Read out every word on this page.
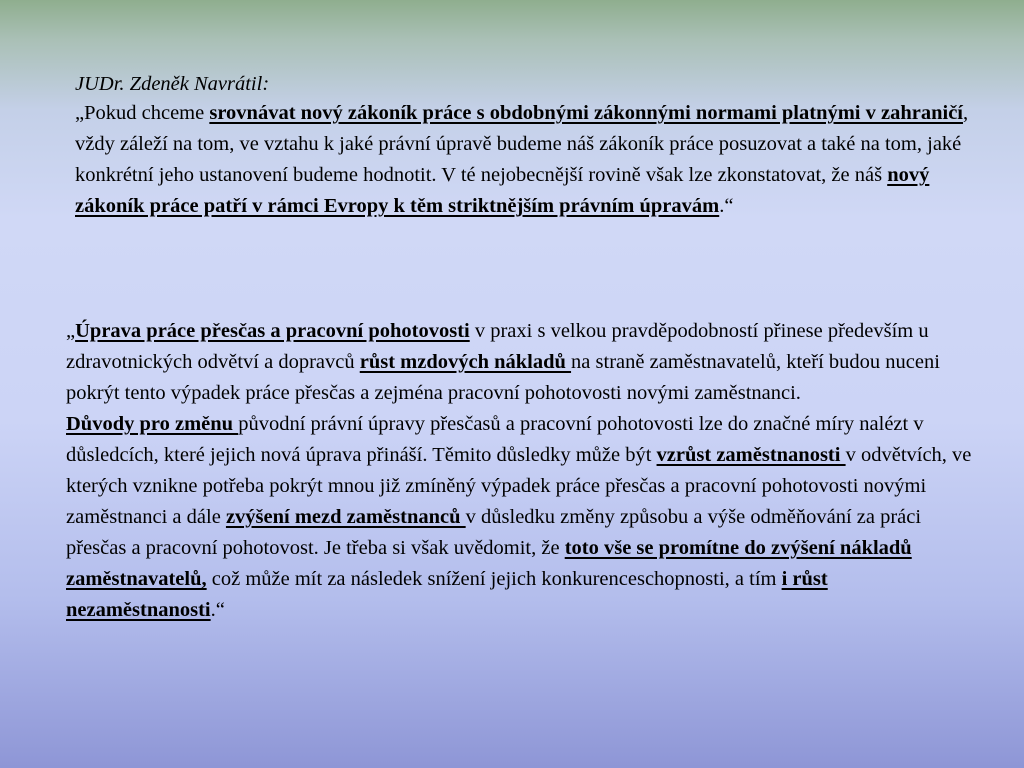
JUDr. Zdeněk Navrátil:
„Pokud chceme srovnávat nový zákoník práce s obdobnými zákonnými normami platnými v zahraničí, vždy záleží na tom, ve vztahu k jaké právní úpravě budeme náš zákoník práce posuzovat a také na tom, jaké konkrétní jeho ustanovení budeme hodnotit. V té nejobecnější rovině však lze zkonstatovat, že náš nový zákoník práce patří v rámci Evropy k těm striktnějším právním úpravám.“
„Úprava práce přesčas a pracovní pohotovosti v praxi s velkou pravděpodobností přinese především u zdravotnických odvětví a dopravců růst mzdových nákladů na straně zaměstnavatelů, kteří budou nuceni pokrýt tento výpadek práce přesčas a zejména pracovní pohotovosti novými zaměstnanci.
Důvody pro změnu původní právní úpravy přesčasů a pracovní pohotovosti lze do značné míry nalézt v důsledcích, které jejich nová úprava přináší. Těmito důsledky může být vzrůst zaměstnanosti v odvětvích, ve kterých vznikne potřeba pokrýt mnou již zmíněný výpadek práce přesčas a pracovní pohotovosti novými zaměstnanci a dále zvýšení mezd zaměstnanců v důsledku změny způsobu a výše odměňování za práci přesčas a pracovní pohotovost. Je třeba si však uvědomit, že toto vše se promítne do zvýšení nákladů zaměstnavatelů, což může mít za následek snížení jejich konkurenceschopnosti, a tím i růst nezaměstnanosti.“
